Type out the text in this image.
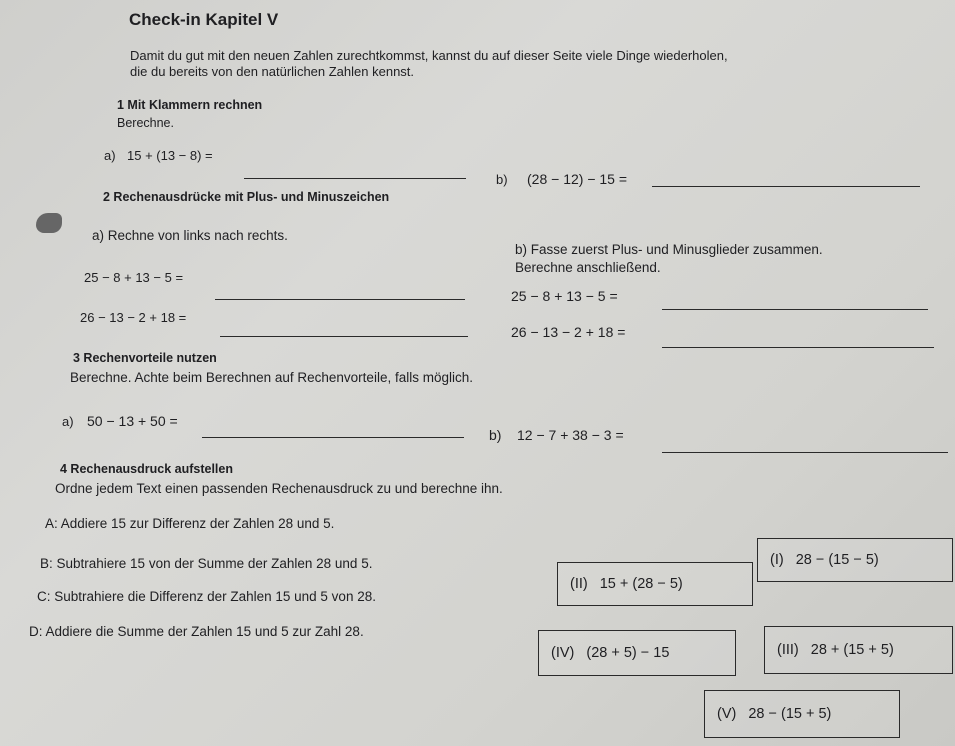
Check-in Kapitel V
Damit du gut mit den neuen Zahlen zurechtkommst, kannst du auf dieser Seite viele Dinge wiederholen,
die du bereits von den natürlichen Zahlen kennst.
1 Mit Klammern rechnen
Berechne.
a) 15 + (13 − 8) =
b) (28 − 12) − 15 =
2 Rechenausdrücke mit Plus- und Minuszeichen
a) Rechne von links nach rechts.
b) Fasse zuerst Plus- und Minusglieder zusammen.
Berechne anschließend.
25 − 8 + 13 − 5 =
25 − 8 + 13 − 5 =
26 − 13 − 2 + 18 =
26 − 13 − 2 + 18 =
3 Rechenvorteile nutzen
Berechne. Achte beim Berechnen auf Rechenvorteile, falls möglich.
a) 50 − 13 + 50 =
b) 12 − 7 + 38 − 3 =
4 Rechenausdruck aufstellen
Ordne jedem Text einen passenden Rechenausdruck zu und berechne ihn.
A: Addiere 15 zur Differenz der Zahlen 28 und 5.
B: Subtrahiere 15 von der Summe der Zahlen 28 und 5.
C: Subtrahiere die Differenz der Zahlen 15 und 5 von 28.
D: Addiere die Summe der Zahlen 15 und 5 zur Zahl 28.
(I) 28 − (15 − 5)
(II) 15 + (28 − 5)
(III) 28 + (15 + 5)
(IV) (28 + 5) − 15
(V) 28 − (15 + 5)
